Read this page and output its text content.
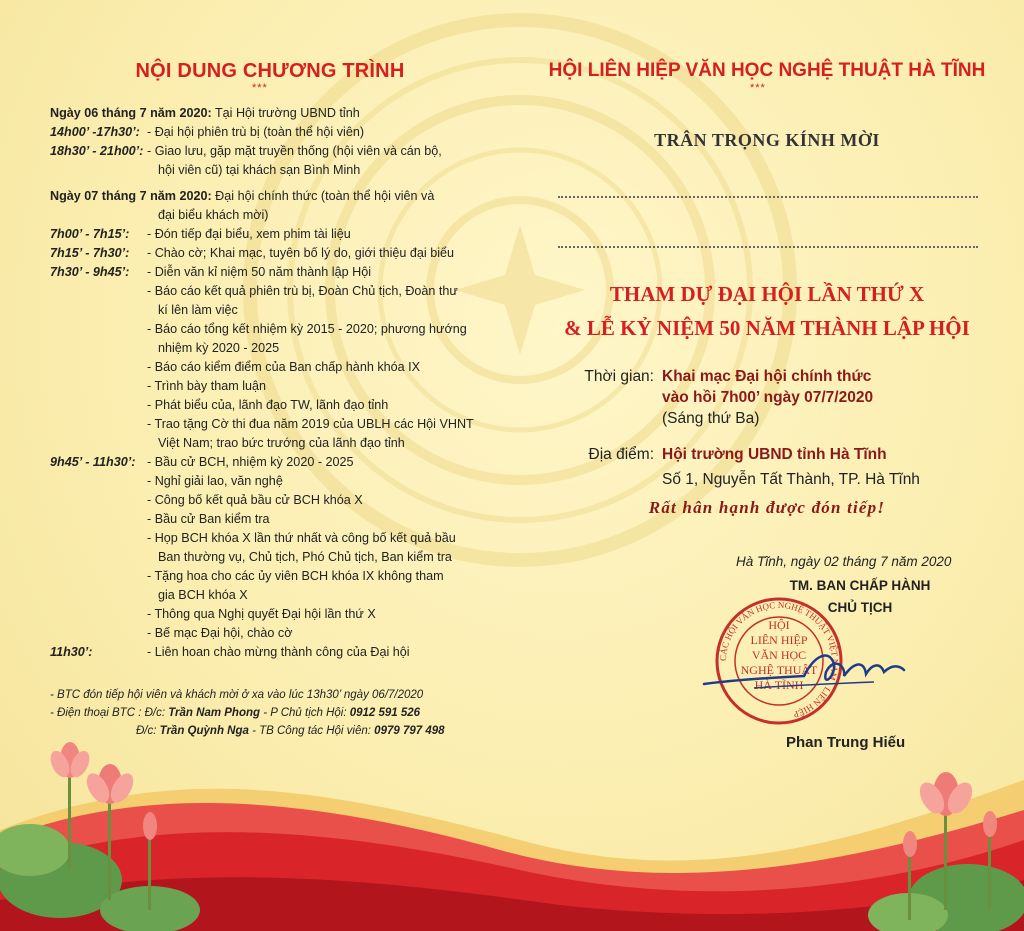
NỘI DUNG CHƯƠNG TRÌNH
***
Ngày 06 tháng 7 năm 2020: Tại Hội trường UBND tỉnh
14h00’ -17h30’: - Đại hội phiên trù bị (toàn thể hội viên)
18h30’ - 21h00’: - Giao lưu, gặp mặt truyền thống (hội viên và cán bộ,
hội viên cũ) tại khách sạn Bình Minh
Ngày 07 tháng 7 năm 2020: Đại hội chính thức (toàn thể hội viên và
đại biểu khách mời)
7h00’ - 7h15’:	- Đón tiếp đại biểu, xem phim tài liệu
7h15’ - 7h30’:	- Chào cờ; Khai mạc, tuyên bố lý do, giới thiệu đại biểu
7h30’ - 9h45’:	- Diễn văn kỉ niệm 50 năm thành lập Hội
- Báo cáo kết quả phiên trù bị, Đoàn Chủ tịch, Đoàn thư
kí lên làm việc
- Báo cáo tổng kết nhiệm kỳ 2015 - 2020; phương hướng
nhiệm kỳ 2020 - 2025
- Báo cáo kiểm điểm của Ban chấp hành khóa IX
- Trình bày tham luận
- Phát biểu của, lãnh đạo TW, lãnh đạo tỉnh
- Trao tặng Cờ thi đua năm 2019 của UBLH các Hội VHNT
Việt Nam; trao bức trướng của lãnh đạo tỉnh
9h45’ - 11h30’: - Bầu cử BCH, nhiệm kỳ 2020 - 2025
- Nghỉ giải lao, văn nghệ
- Công bố kết quả bầu cử BCH khóa X
- Bầu cử Ban kiểm tra
- Họp BCH khóa X lần thứ nhất và công bố kết quả bầu
Ban thường vụ, Chủ tịch, Phó Chủ tịch, Ban kiểm tra
- Tặng hoa cho các ủy viên BCH khóa IX không tham
gia BCH khóa X
- Thông qua Nghị quyết Đại hội lần thứ X
- Bế mạc Đại hội, chào cờ
11h30’:	- Liên hoan chào mừng thành công của Đại hội
- BTC đón tiếp hội viên và khách mời ở xa vào lúc 13h30’ ngày 06/7/2020
- Điện thoại BTC : Đ/c: Trần Nam Phong - P Chủ tịch Hội: 0912 591 526
Đ/c: Trần Quỳnh Nga - TB Công tác Hội viên: 0979 797 498
HỘI LIÊN HIỆP VĂN HỌC NGHỆ THUẬT HÀ TĨNH
***
TRÂN TRỌNG KÍNH MỜI
THAM DỰ ĐẠI HỘI LẦN THỨ X
& LỄ KỶ NIỆM 50 NĂM THÀNH LẬP HỘI
Thời gian: Khai mạc Đại hội chính thức
vào hồi 7h00’ ngày 07/7/2020
(Sáng thứ Ba)
Địa điểm: Hội trường UBND tỉnh Hà Tĩnh
Số 1, Nguyễn Tất Thành, TP. Hà Tĩnh
Rất hân hạnh được đón tiếp!
Hà Tĩnh, ngày 02 tháng 7 năm 2020
TM. BAN CHẤP HÀNH
CHỦ TỊCH
Phan Trung Hiếu
CÁC HỘI VĂN HỌC NGHỆ THUẬT VIỆT NAM · LIÊN HIỆP
HỘI
LIÊN HIỆP
VĂN HỌC
NGHỆ THUẬT
HÀ TĨNH
